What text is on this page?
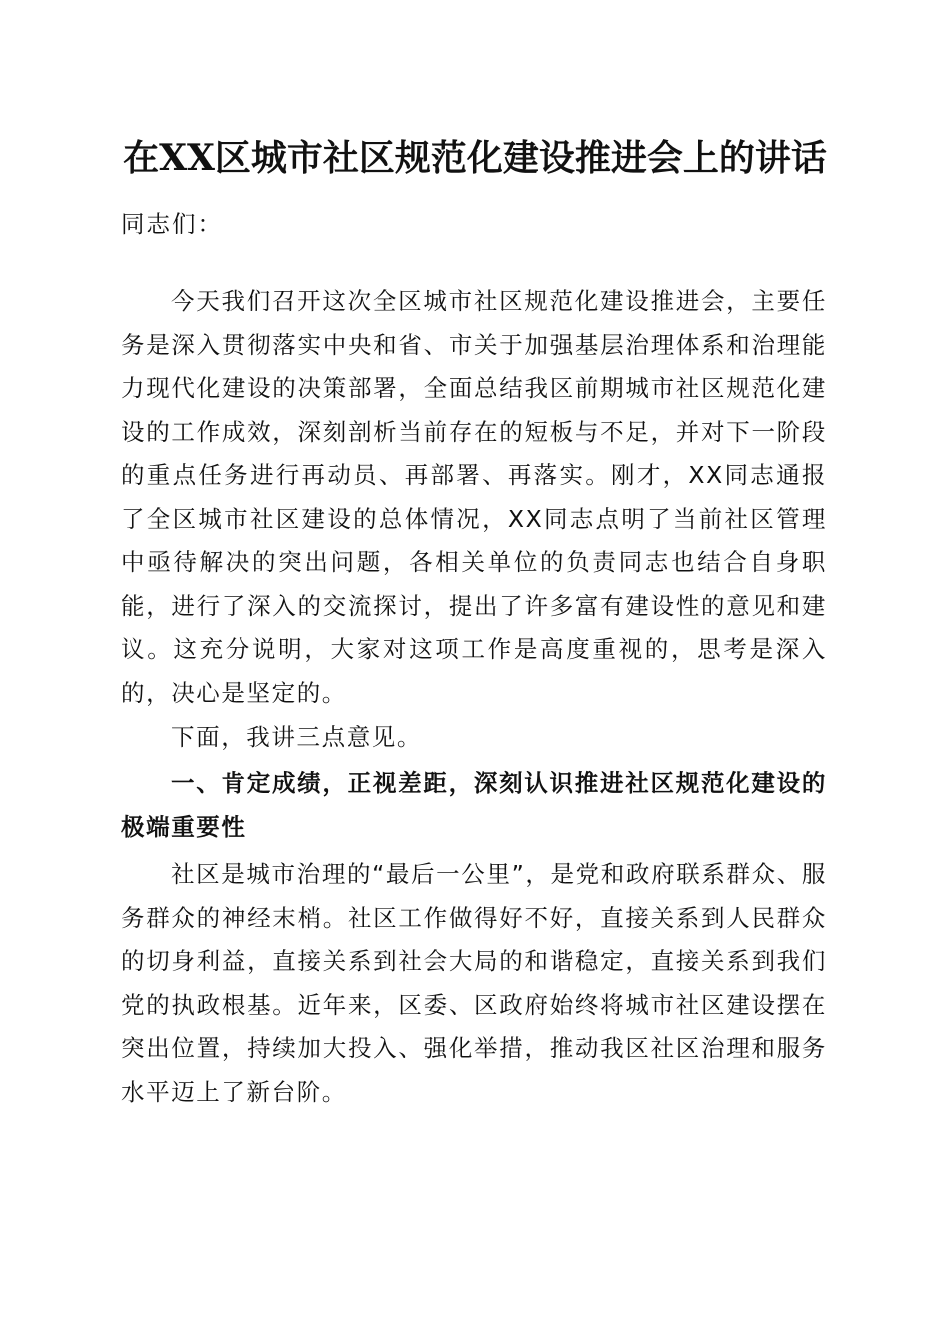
在XX区城市社区规范化建设推进会上的讲话

同志们：

今天我们召开这次全区城市社区规范化建设推进会，主要任务是深入贯彻落实中央和省、市关于加强基层治理体系和治理能力现代化建设的决策部署，全面总结我区前期城市社区规范化建设的工作成效，深刻剖析当前存在的短板与不足，并对下一阶段的重点任务进行再动员、再部署、再落实。刚才，XX同志通报了全区城市社区建设的总体情况，XX同志点明了当前社区管理中亟待解决的突出问题，各相关单位的负责同志也结合自身职能，进行了深入的交流探讨，提出了许多富有建设性的意见和建议。这充分说明，大家对这项工作是高度重视的，思考是深入的，决心是坚定的。

下面，我讲三点意见。

一、肯定成绩，正视差距，深刻认识推进社区规范化建设的极端重要性

社区是城市治理的“最后一公里”，是党和政府联系群众、服务群众的神经末梢。社区工作做得好不好，直接关系到人民群众的切身利益，直接关系到社会大局的和谐稳定，直接关系到我们党的执政根基。近年来，区委、区政府始终将城市社区建设摆在突出位置，持续加大投入、强化举措，推动我区社区治理和服务水平迈上了新台阶。
